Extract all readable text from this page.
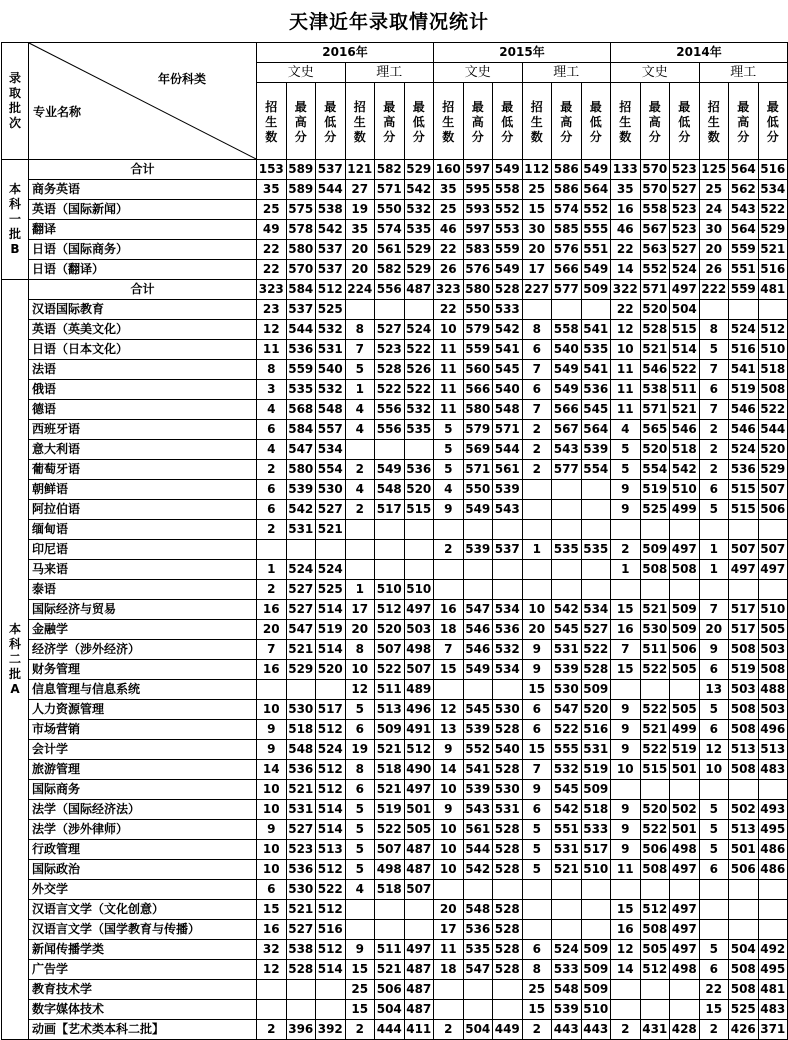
天津近年录取情况统计
录取批次	年份科类
专业名称	2016年						2015年						2014年					
		文史			理工			文史			理工			文史			理工		
		招生数	最高分	最低分	招生数	最高分	最低分	招生数	最高分	最低分	招生数	最高分	最低分	招生数	最高分	最低分	招生数	最高分	最低分
本科一批B	合计	153	589	537	121	582	529	160	597	549	112	586	549	133	570	523	125	564	516
	商务英语	35	589	544	27	571	542	35	595	558	25	586	564	35	570	527	25	562	534
	英语（国际新闻）	25	575	538	19	550	532	25	593	552	15	574	552	16	558	523	24	543	522
	翻译	49	578	542	35	574	535	46	597	553	30	585	555	46	567	523	30	564	529
	日语（国际商务）	22	580	537	20	561	529	22	583	559	20	576	551	22	563	527	20	559	521
	日语（翻译）	22	570	537	20	582	529	26	576	549	17	566	549	14	552	524	26	551	516
本科二批A	合计	323	584	512	224	556	487	323	580	528	227	577	509	322	571	497	222	559	481
	汉语国际教育	23	537	525				22	550	533				22	520	504			
	英语（英美文化）	12	544	532	8	527	524	10	579	542	8	558	541	12	528	515	8	524	512
	日语（日本文化）	11	536	531	7	523	522	11	559	541	6	540	535	10	521	514	5	516	510
	法语	8	559	540	5	528	526	11	560	545	7	549	541	11	546	522	7	541	518
	俄语	3	535	532	1	522	522	11	566	540	6	549	536	11	538	511	6	519	508
	德语	4	568	548	4	556	532	11	580	548	7	566	545	11	571	521	7	546	522
	西班牙语	6	584	557	4	556	535	5	579	571	2	567	564	4	565	546	2	546	544
	意大利语	4	547	534				5	569	544	2	543	539	5	520	518	2	524	520
	葡萄牙语	2	580	554	2	549	536	5	571	561	2	577	554	5	554	542	2	536	529
	朝鲜语	6	539	530	4	548	520	4	550	539				9	519	510	6	515	507
	阿拉伯语	6	542	527	2	517	515	9	549	543				9	525	499	5	515	506
	缅甸语	2	531	521															
	印尼语							2	539	537	1	535	535	2	509	497	1	507	507
	马来语	1	524	524										1	508	508	1	497	497
	泰语	2	527	525	1	510	510												
	国际经济与贸易	16	527	514	17	512	497	16	547	534	10	542	534	15	521	509	7	517	510
	金融学	20	547	519	20	520	503	18	546	536	20	545	527	16	530	509	20	517	505
	经济学（涉外经济）	7	521	514	8	507	498	7	546	532	9	531	522	7	511	506	9	508	503
	财务管理	16	529	520	10	522	507	15	549	534	9	539	528	15	522	505	6	519	508
	信息管理与信息系统				12	511	489				15	530	509				13	503	488
	人力资源管理	10	530	517	5	513	496	12	545	530	6	547	520	9	522	505	5	508	503
	市场营销	9	518	512	6	509	491	13	539	528	6	522	516	9	521	499	6	508	496
	会计学	9	548	524	19	521	512	9	552	540	15	555	531	9	522	519	12	513	513
	旅游管理	14	536	512	8	518	490	14	541	528	7	532	519	10	515	501	10	508	483
	国际商务	10	521	512	6	521	497	10	539	530	9	545	509						
	法学（国际经济法）	10	531	514	5	519	501	9	543	531	6	542	518	9	520	502	5	502	493
	法学（涉外律师）	9	527	514	5	522	505	10	561	528	5	551	533	9	522	501	5	513	495
	行政管理	10	523	513	5	507	487	10	544	528	5	531	517	9	506	498	5	501	486
	国际政治	10	536	512	5	498	487	10	542	528	5	521	510	11	508	497	6	506	486
	外交学	6	530	522	4	518	507												
	汉语言文学（文化创意）	15	521	512				20	548	528				15	512	497			
	汉语言文学（国学教育与传播）	16	527	516				17	536	528				16	508	497			
	新闻传播学类	32	538	512	9	511	497	11	535	528	6	524	509	12	505	497	5	504	492
	广告学	12	528	514	15	521	487	18	547	528	8	533	509	14	512	498	6	508	495
	教育技术学				25	506	487				25	548	509				22	508	481
	数字媒体技术				15	504	487				15	539	510				15	525	483
	动画【艺术类本科二批】	2	396	392	2	444	411	2	504	449	2	443	443	2	431	428	2	426	371
